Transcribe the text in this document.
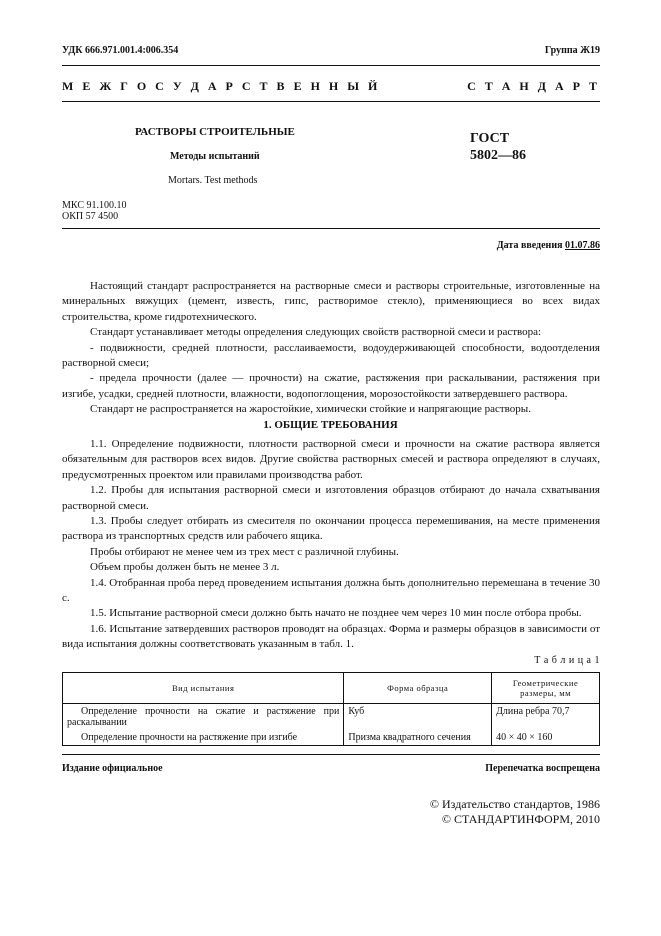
УДК 666.971.001.4:006.354	Группа Ж19
М Е Ж Г О С У Д А Р С Т В Е Н Н Ы Й	С Т А Н Д А Р Т
РАСТВОРЫ СТРОИТЕЛЬНЫЕ
Методы испытаний
Mortars. Test methods
ГОСТ
5802—86
МКС 91.100.10
ОКП 57 4500
Дата введения 01.07.86

Настоящий стандарт распространяется на растворные смеси и растворы строительные, изготовленные на минеральных вяжущих (цемент, известь, гипс, растворимое стекло), применяющиеся во всех видах строительства, кроме гидротехнического.

Стандарт устанавливает методы определения следующих свойств растворной смеси и раствора:

- подвижности, средней плотности, расслаиваемости, водоудерживающей способности, водоотделения растворной смеси;

- предела прочности (далее — прочности) на сжатие, растяжения при раскалывании, растяжения при изгибе, усадки, средней плотности, влажности, водопоглощения, морозостойкости затвердевшего раствора.

Стандарт не распространяется на жаростойкие, химически стойкие и напрягающие растворы.

1. ОБЩИЕ ТРЕБОВАНИЯ

1.1. Определение подвижности, плотности растворной смеси и прочности на сжатие раствора является обязательным для растворов всех видов. Другие свойства растворных смесей и раствора определяют в случаях, предусмотренных проектом или правилами производства работ.

1.2. Пробы для испытания растворной смеси и изготовления образцов отбирают до начала схватывания растворной смеси.

1.3. Пробы следует отбирать из смесителя по окончании процесса перемешивания, на месте применения раствора из транспортных средств или рабочего ящика.

Пробы отбирают не менее чем из трех мест с различной глубины.

Объем пробы должен быть не менее 3 л.

1.4. Отобранная проба перед проведением испытания должна быть дополнительно перемешана в течение 30 с.

1.5. Испытание растворной смеси должно быть начато не позднее чем через 10 мин после отбора пробы.

1.6. Испытание затвердевших растворов проводят на образцах. Форма и размеры образцов в зависимости от вида испытания должны соответствовать указанным в табл. 1.

Т а б л и ц а 1
Вид испытания	Форма образца	Геометрические размеры, мм
Определение прочности на сжатие и растяжение при раскалывании	Куб	Длина ребра 70,7
Определение прочности на растяжение при изгибе	Призма квадратного сечения	40 × 40 × 160
Издание официальное	Перепечатка воспрещена
© Издательство стандартов, 1986
© СТАНДАРТИНФОРМ, 2010
